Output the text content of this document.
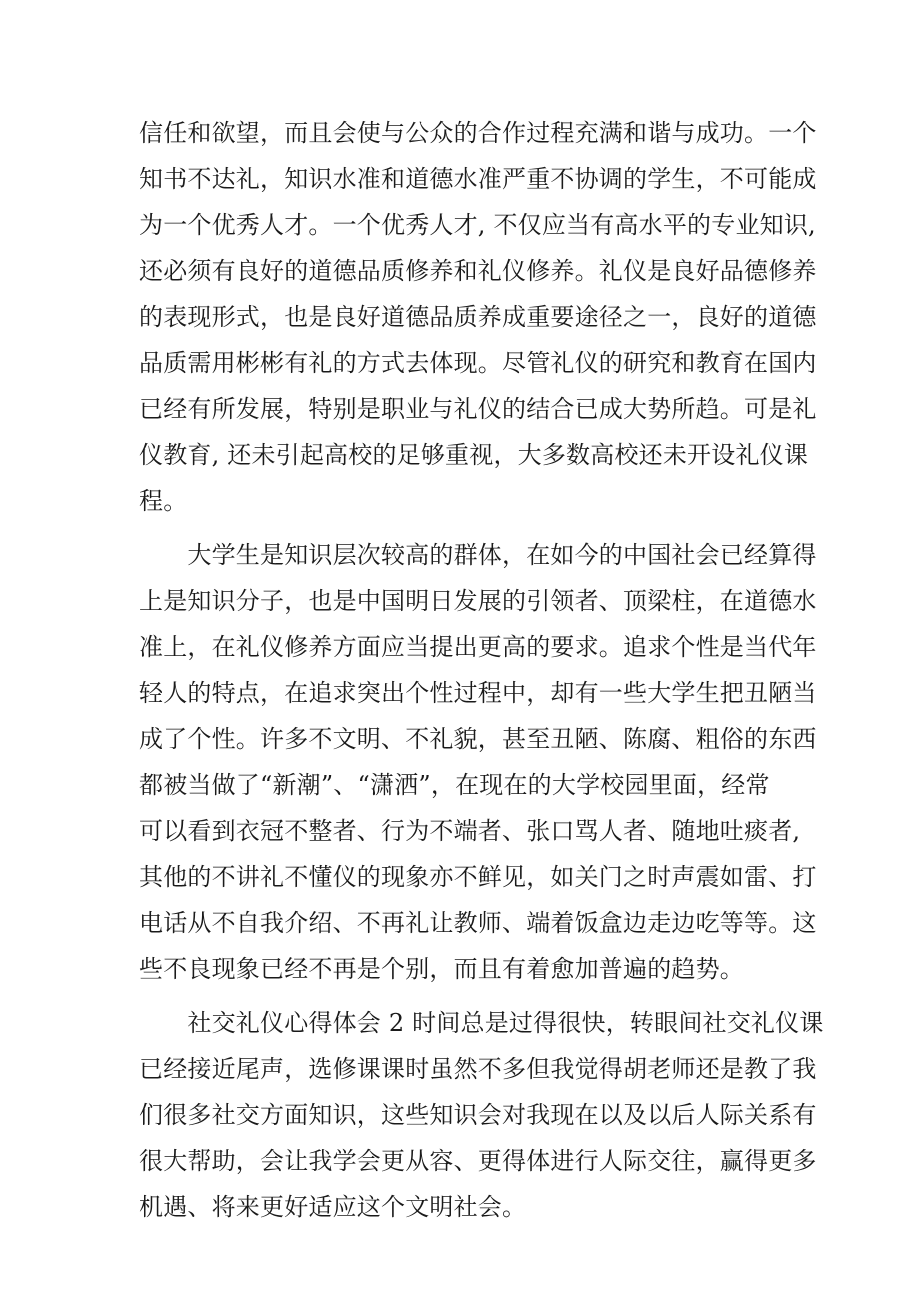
信任和欲望，而且会使与公众的合作过程充满和谐与成功。一个
知书不达礼，知识水准和道德水准严重不协调的学生，不可能成
为一个优秀人才。一个优秀人才, 不仅应当有高水平的专业知识,
还必须有良好的道德品质修养和礼仪修养。礼仪是良好品德修养
的表现形式，也是良好道德品质养成重要途径之一，良好的道德
品质需用彬彬有礼的方式去体现。尽管礼仪的研究和教育在国内
已经有所发展，特别是职业与礼仪的结合已成大势所趋。可是礼
仪教育, 还未引起高校的足够重视，大多数高校还未开设礼仪课
程。
　　大学生是知识层次较高的群体，在如今的中国社会已经算得
上是知识分子，也是中国明日发展的引领者、顶梁柱，在道德水
准上，在礼仪修养方面应当提出更高的要求。追求个性是当代年
轻人的特点，在追求突出个性过程中，却有一些大学生把丑陋当
成了个性。许多不文明、不礼貌，甚至丑陋、陈腐、粗俗的东西
都被当做了“新潮”、“潇洒”，在现在的大学校园里面，经常
可以看到衣冠不整者、行为不端者、张口骂人者、随地吐痰者,
其他的不讲礼不懂仪的现象亦不鲜见，如关门之时声震如雷、打
电话从不自我介绍、不再礼让教师、端着饭盒边走边吃等等。这
些不良现象已经不再是个别，而且有着愈加普遍的趋势。
　　社交礼仪心得体会 2 时间总是过得很快，转眼间社交礼仪课
已经接近尾声，选修课课时虽然不多但我觉得胡老师还是教了我
们很多社交方面知识，这些知识会对我现在以及以后人际关系有
很大帮助，会让我学会更从容、更得体进行人际交往，赢得更多
机遇、将来更好适应这个文明社会。
